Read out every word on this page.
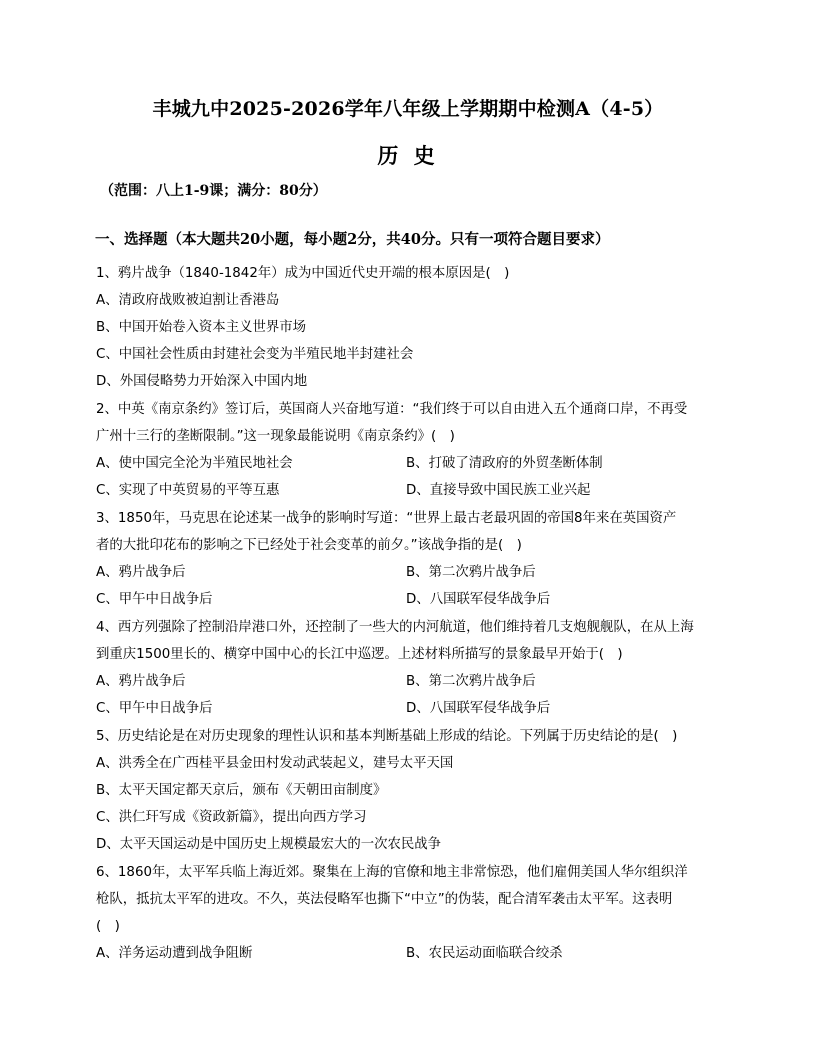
丰城九中2025-2026学年八年级上学期期中检测A（4-5）
历 史
（范围：八上1-9课；满分：80分）
一、选择题（本大题共20小题，每小题2分，共40分。只有一项符合题目要求）
1、鸦片战争（1840-1842年）成为中国近代史开端的根本原因是(　)
A、清政府战败被迫割让香港岛
B、中国开始卷入资本主义世界市场
C、中国社会性质由封建社会变为半殖民地半封建社会
D、外国侵略势力开始深入中国内地
2、中英《南京条约》签订后，英国商人兴奋地写道：“我们终于可以自由进入五个通商口岸，不再受
广州十三行的垄断限制。”这一现象最能说明《南京条约》(　)
A、使中国完全沦为半殖民地社会	B、打破了清政府的外贸垄断体制
C、实现了中英贸易的平等互惠	D、直接导致中国民族工业兴起
3、1850年，马克思在论述某一战争的影响时写道：“世界上最古老最巩固的帝国8年来在英国资产
者的大批印花布的影响之下已经处于社会变革的前夕。”该战争指的是(　)
A、鸦片战争后	B、第二次鸦片战争后
C、甲午中日战争后	D、八国联军侵华战争后
4、西方列强除了控制沿岸港口外，还控制了一些大的内河航道，他们维持着几支炮舰舰队，在从上海
到重庆1500里长的、横穿中国中心的长江中巡逻。上述材料所描写的景象最早开始于(　)
A、鸦片战争后	B、第二次鸦片战争后
C、甲午中日战争后	D、八国联军侵华战争后
5、历史结论是在对历史现象的理性认识和基本判断基础上形成的结论。下列属于历史结论的是(　)
A、洪秀全在广西桂平县金田村发动武装起义，建号太平天国
B、太平天国定都天京后，颁布《天朝田亩制度》
C、洪仁玕写成《资政新篇》，提出向西方学习
D、太平天国运动是中国历史上规模最宏大的一次农民战争
6、1860年，太平军兵临上海近郊。聚集在上海的官僚和地主非常惊恐，他们雇佣美国人华尔组织洋
枪队，抵抗太平军的进攻。不久，英法侵略军也撕下“中立”的伪装，配合清军袭击太平军。这表明
(　)
A、洋务运动遭到战争阻断	B、农民运动面临联合绞杀
